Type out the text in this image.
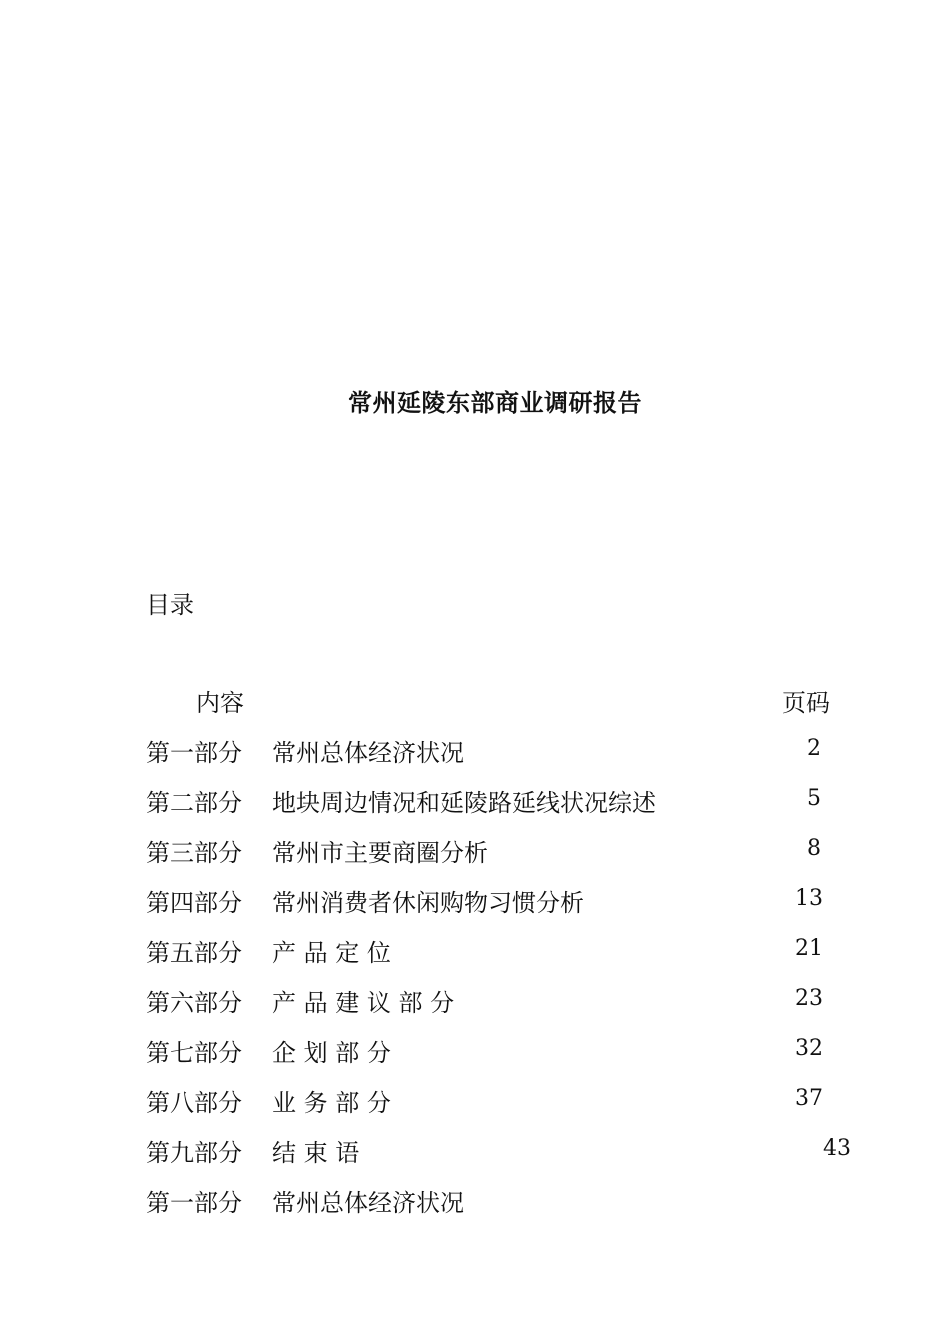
常州延陵东部商业调研报告
目录
内容	页码
第一部分 常州总体经济状况	2
第二部分 地块周边情况和延陵路延线状况综述	5
第三部分 常州市主要商圈分析	8
第四部分 常州消费者休闲购物习惯分析	13
第五部分 产 品 定 位	21
第六部分 产 品 建 议 部 分	23
第七部分 企 划 部 分	32
第八部分 业 务 部 分	37
第九部分 结 束 语	43
第一部分 常州总体经济状况
